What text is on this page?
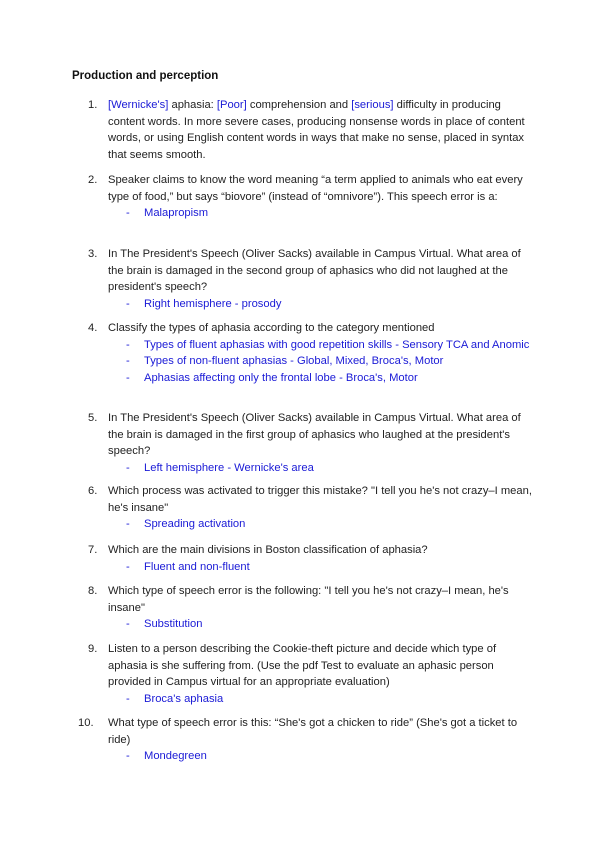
Production and perception
1. [Wernicke's] aphasia: [Poor] comprehension and [serious] difficulty in producing content words. In more severe cases, producing nonsense words in place of content words, or using English content words in ways that make no sense, placed in syntax that seems smooth.
2. Speaker claims to know the word meaning “a term applied to animals who eat every type of food,” but says “biovore” (instead of “omnivore”). This speech error is a:
- Malapropism
3. In The President's Speech (Oliver Sacks) available in Campus Virtual. What area of the brain is damaged in the second group of aphasics who did not laughed at the president's speech?
- Right hemisphere - prosody
4. Classify the types of aphasia according to the category mentioned
- Types of fluent aphasias with good repetition skills - Sensory TCA and Anomic
- Types of non-fluent aphasias - Global, Mixed, Broca's, Motor
- Aphasias affecting only the frontal lobe - Broca's, Motor
5. In The President's Speech (Oliver Sacks) available in Campus Virtual. What area of the brain is damaged in the first group of aphasics who laughed at the president's speech?
- Left hemisphere - Wernicke's area
6. Which process was activated to trigger this mistake? "I tell you he's not crazy–I mean, he's insane"
- Spreading activation
7. Which are the main divisions in Boston classification of aphasia?
- Fluent and non-fluent
8. Which type of speech error is the following: "I tell you he's not crazy–I mean, he's insane"
- Substitution
9. Listen to a person describing the Cookie-theft picture and decide which type of aphasia is she suffering from. (Use the pdf Test to evaluate an aphasic person provided in Campus virtual for an appropriate evaluation)
- Broca's aphasia
10. What type of speech error is this: “She's got a chicken to ride” (She's got a ticket to ride)
- Mondegreen
